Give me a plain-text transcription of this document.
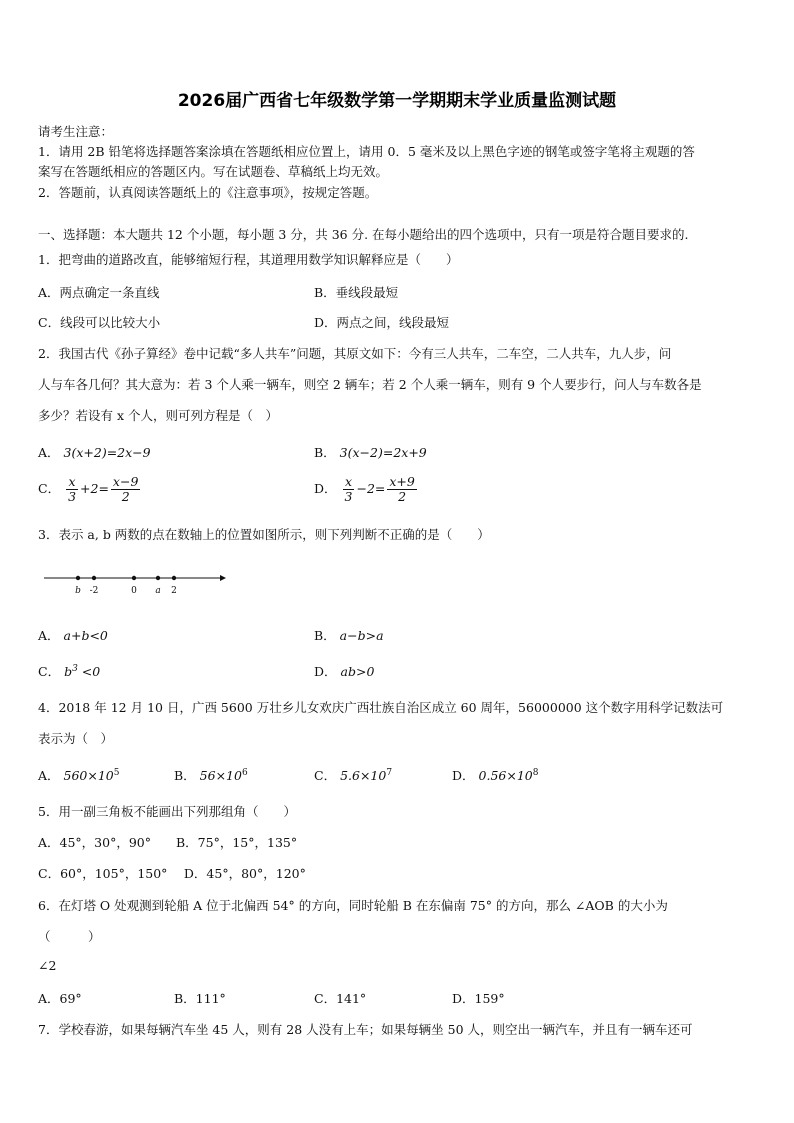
2026届广西省七年级数学第一学期期末学业质量监测试题
请考生注意：
1．请用 2B 铅笔将选择题答案涂填在答题纸相应位置上，请用 0．5 毫米及以上黑色字迹的钢笔或签字笔将主观题的答
案写在答题纸相应的答题区内。写在试题卷、草稿纸上均无效。
2．答题前，认真阅读答题纸上的《注意事项》，按规定答题。
一、选择题：本大题共 12 个小题，每小题 3 分，共 36 分. 在每小题给出的四个选项中，只有一项是符合题目要求的.
1．把弯曲的道路改直，能够缩短行程，其道理用数学知识解释应是（　　）
A．两点确定一条直线	B．垂线段最短
C．线段可以比较大小	D．两点之间，线段最短
2．我国古代《孙子算经》卷中记载“多人共车”问题，其原文如下：今有三人共车，二车空，二人共车，九人步，问
人与车各几何？其大意为：若 3 个人乘一辆车，则空 2 辆车；若 2 个人乘一辆车，则有 9 个人要步行，问人与车数各是
多少？若设有 x 个人，则可列方程是（　）
A． 3(x+2)=2x−9	B． 3(x−2)=2x+9
C． $\frac{x}{3} +2= \frac{x-9}{2}$	D． $\frac{x}{3} -2= \frac{x+9}{2}$
3．表示 a, b 两数的点在数轴上的位置如图所示，则下列判断不正确的是（　　）
b -2	0 a 2
A． a+b<0	B． a−b>a
C． $b^3 <0$	D． ab>0
4．2018 年 12 月 10 日，广西 5600 万壮乡儿女欢庆广西壮族自治区成立 60 周年，56000000 这个数字用科学记数法可
表示为（　）
A． $560\times 10^5$	B． $56\times 10^6$	C． $5.6\times 10^7$	D． $0.56\times 10^8$
5．用一副三角板不能画出下列那组角（　　）
A．45°，30°，90°　　B．75°，15°，135°
C．60°，105°，150°　 D．45°，80°，120°
6．在灯塔 O 处观测到轮船 A 位于北偏西 54° 的方向，同时轮船 B 在东偏南 75° 的方向，那么 ∠AOB 的大小为
（　　　）
∠2
A．69°	B．111°	C．141°	D．159°
7．学校春游，如果每辆汽车坐 45 人，则有 28 人没有上车；如果每辆坐 50 人，则空出一辆汽车，并且有一辆车还可
